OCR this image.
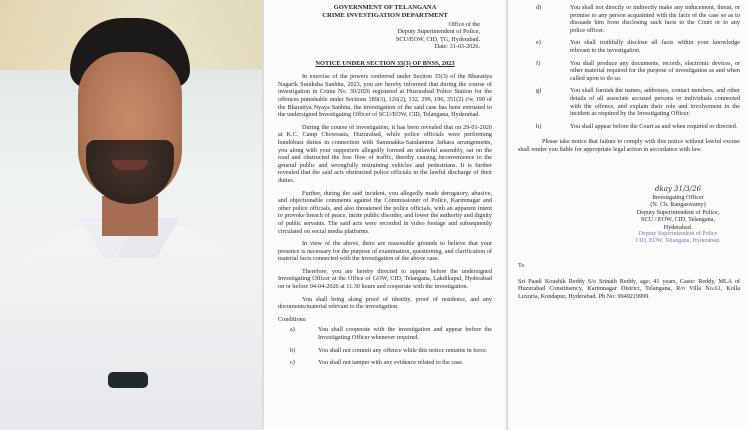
GOVERNMENT OF TELANGANA
CRIME INVESTIGATION DEPARTMENT
Office of the
Deputy Superintendent of Police,
SCU/EOW, CID, TG, Hyderabad.
Date: 31-03-2026.
NOTICE UNDER SECTION 35(3) OF BNSS, 2023

In exercise of the powers conferred under Section 35(3) of the Bharatiya Nagarik Suraksha Sanhita, 2023, you are hereby informed that during the course of investigation in Crime No. 30/2026 registered at Huzurabad Police Station for the offences punishable under Sections 189(3), 126(2), 132, 299, 196, 351(2) r/w 190 of the Bharatiya Nyaya Sanhita, the investigation of the said case has been entrusted to the undersigned Investigating Officer of SCU/EOW, CID, Telangana, Hyderabad.

During the course of investigation, it has been revealed that on 29-01-2026 at K.C. Camp Chowrasta, Huzurabad, while police officials were performing bandobust duties in connection with Sammakka-Saralamma Jathara arrangements, you along with your supporters allegedly formed an unlawful assembly, sat on the road and obstructed the free flow of traffic, thereby causing inconvenience to the general public and wrongfully restraining vehicles and pedestrians. It is further revealed that the said acts obstructed police officials in the lawful discharge of their duties.

Further, during the said incident, you allegedly made derogatory, abusive, and objectionable comments against the Commissioner of Police, Karimnagar and other police officials, and also threatened the police officials, with an apparent intent to provoke breach of peace, incite public disorder, and lower the authority and dignity of public servants. The said acts were recorded in video footage and subsequently circulated on social media platforms.

In view of the above, there are reasonable grounds to believe that your presence is necessary for the purpose of examination, questioning, and clarification of material facts connected with the investigation of the above case.

Therefore, you are hereby directed to appear before the undersigned Investigating Officer at the Office of GOW, CID, Telangana, Lakdikapul, Hyderabad on or before 04-04-2026 at 11.30 hours and cooperate with the investigation.

You shall bring along proof of identity, proof of residence, and any documents/material relevant to the investigation.

Conditions:
a)	You shall cooperate with the investigation and appear before the Investigating Officer whenever required.
b)	You shall not commit any offence while this notice remains in force.
c)	You shall not tamper with any evidence related to the case.
d)	You shall not directly or indirectly make any inducement, threat, or promise to any person acquainted with the facts of the case so as to dissuade him from disclosing such facts to the Court or to any police officer.
e)	You shall truthfully disclose all facts within your knowledge relevant to the investigation.
f)	You shall produce any documents, records, electronic devices, or other material required for the purpose of investigation as and when called upon to do so.
g)	You shall furnish the names, addresses, contact numbers, and other details of all associate accused persons or individuals connected with the offence, and explain their role and involvement in the incident as required by the Investigating Officer.
h)	You shall appear before the Court as and when required or directed.

Please take notice that failure to comply with this notice without lawful excuse shall render you liable for appropriate legal action in accordance with law.

dkay 31/3/26
Investigating Officer
(N. Ch. Rangaswamy)
Deputy Superintendent of Police,
SCU / EOW, CID, Telangana,
Hyderabad.
Deputy Superintendent of Police
CID, EOW, Telangana, Hyderabad.
To
Sri Paadi Koushik Reddy S/o Srinath Reddy, age: 41 years, Caste: Reddy, MLA of Huzurabad Constituency, Karimnagar District, Telangana, R/o Villa No.61, Kolla Luxuria, Kondapur, Hyderabad. Ph No: 9949219999.
